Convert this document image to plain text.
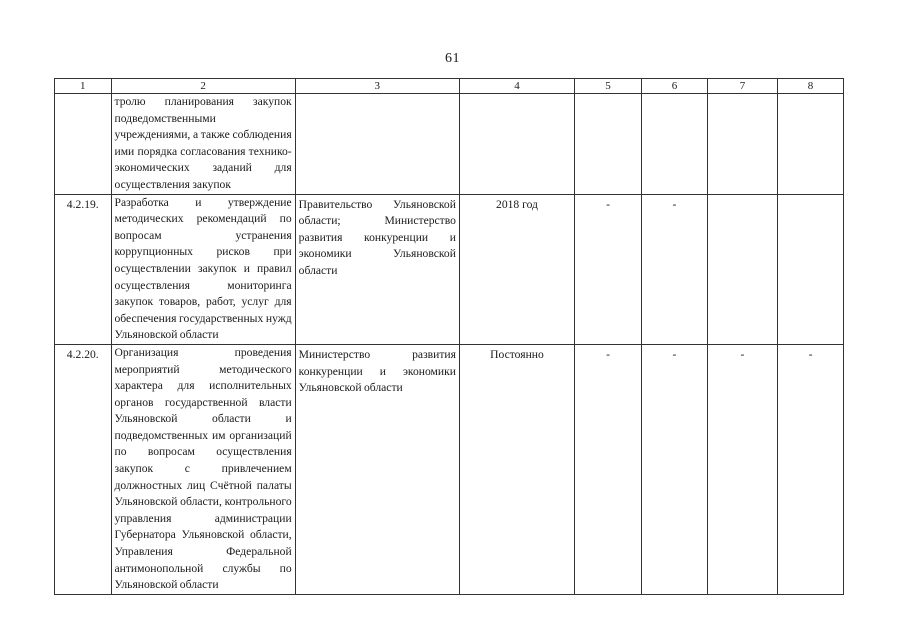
61
1	2	3	4	5	6	7	8
	тролю планирования закупок подведомственными учреждениями, а также соблюдения ими порядка согласования технико-экономических заданий для осуществления закупок						
4.2.19.	Разработка и утверждение методических рекомендаций по вопросам устранения коррупционных рисков при осуществлении закупок и правил осуществления мониторинга закупок товаров, работ, услуг для обеспечения государственных нужд Ульяновской области	Правительство Ульяновской области; Министерство развития конкуренции и экономики Ульяновской области	2018 год	-	-		
4.2.20.	Организация проведения мероприятий методического характера для исполнительных органов государственной власти Ульяновской области и подведомственных им организаций по вопросам осуществления закупок с привлечением должностных лиц Счётной палаты Ульяновской области, контрольного управления администрации Губернатора Ульяновской области, Управления Федеральной антимонопольной службы по Ульяновской области	Министерство развития конкуренции и экономики Ульяновской области	Постоянно	-	-	-	-
